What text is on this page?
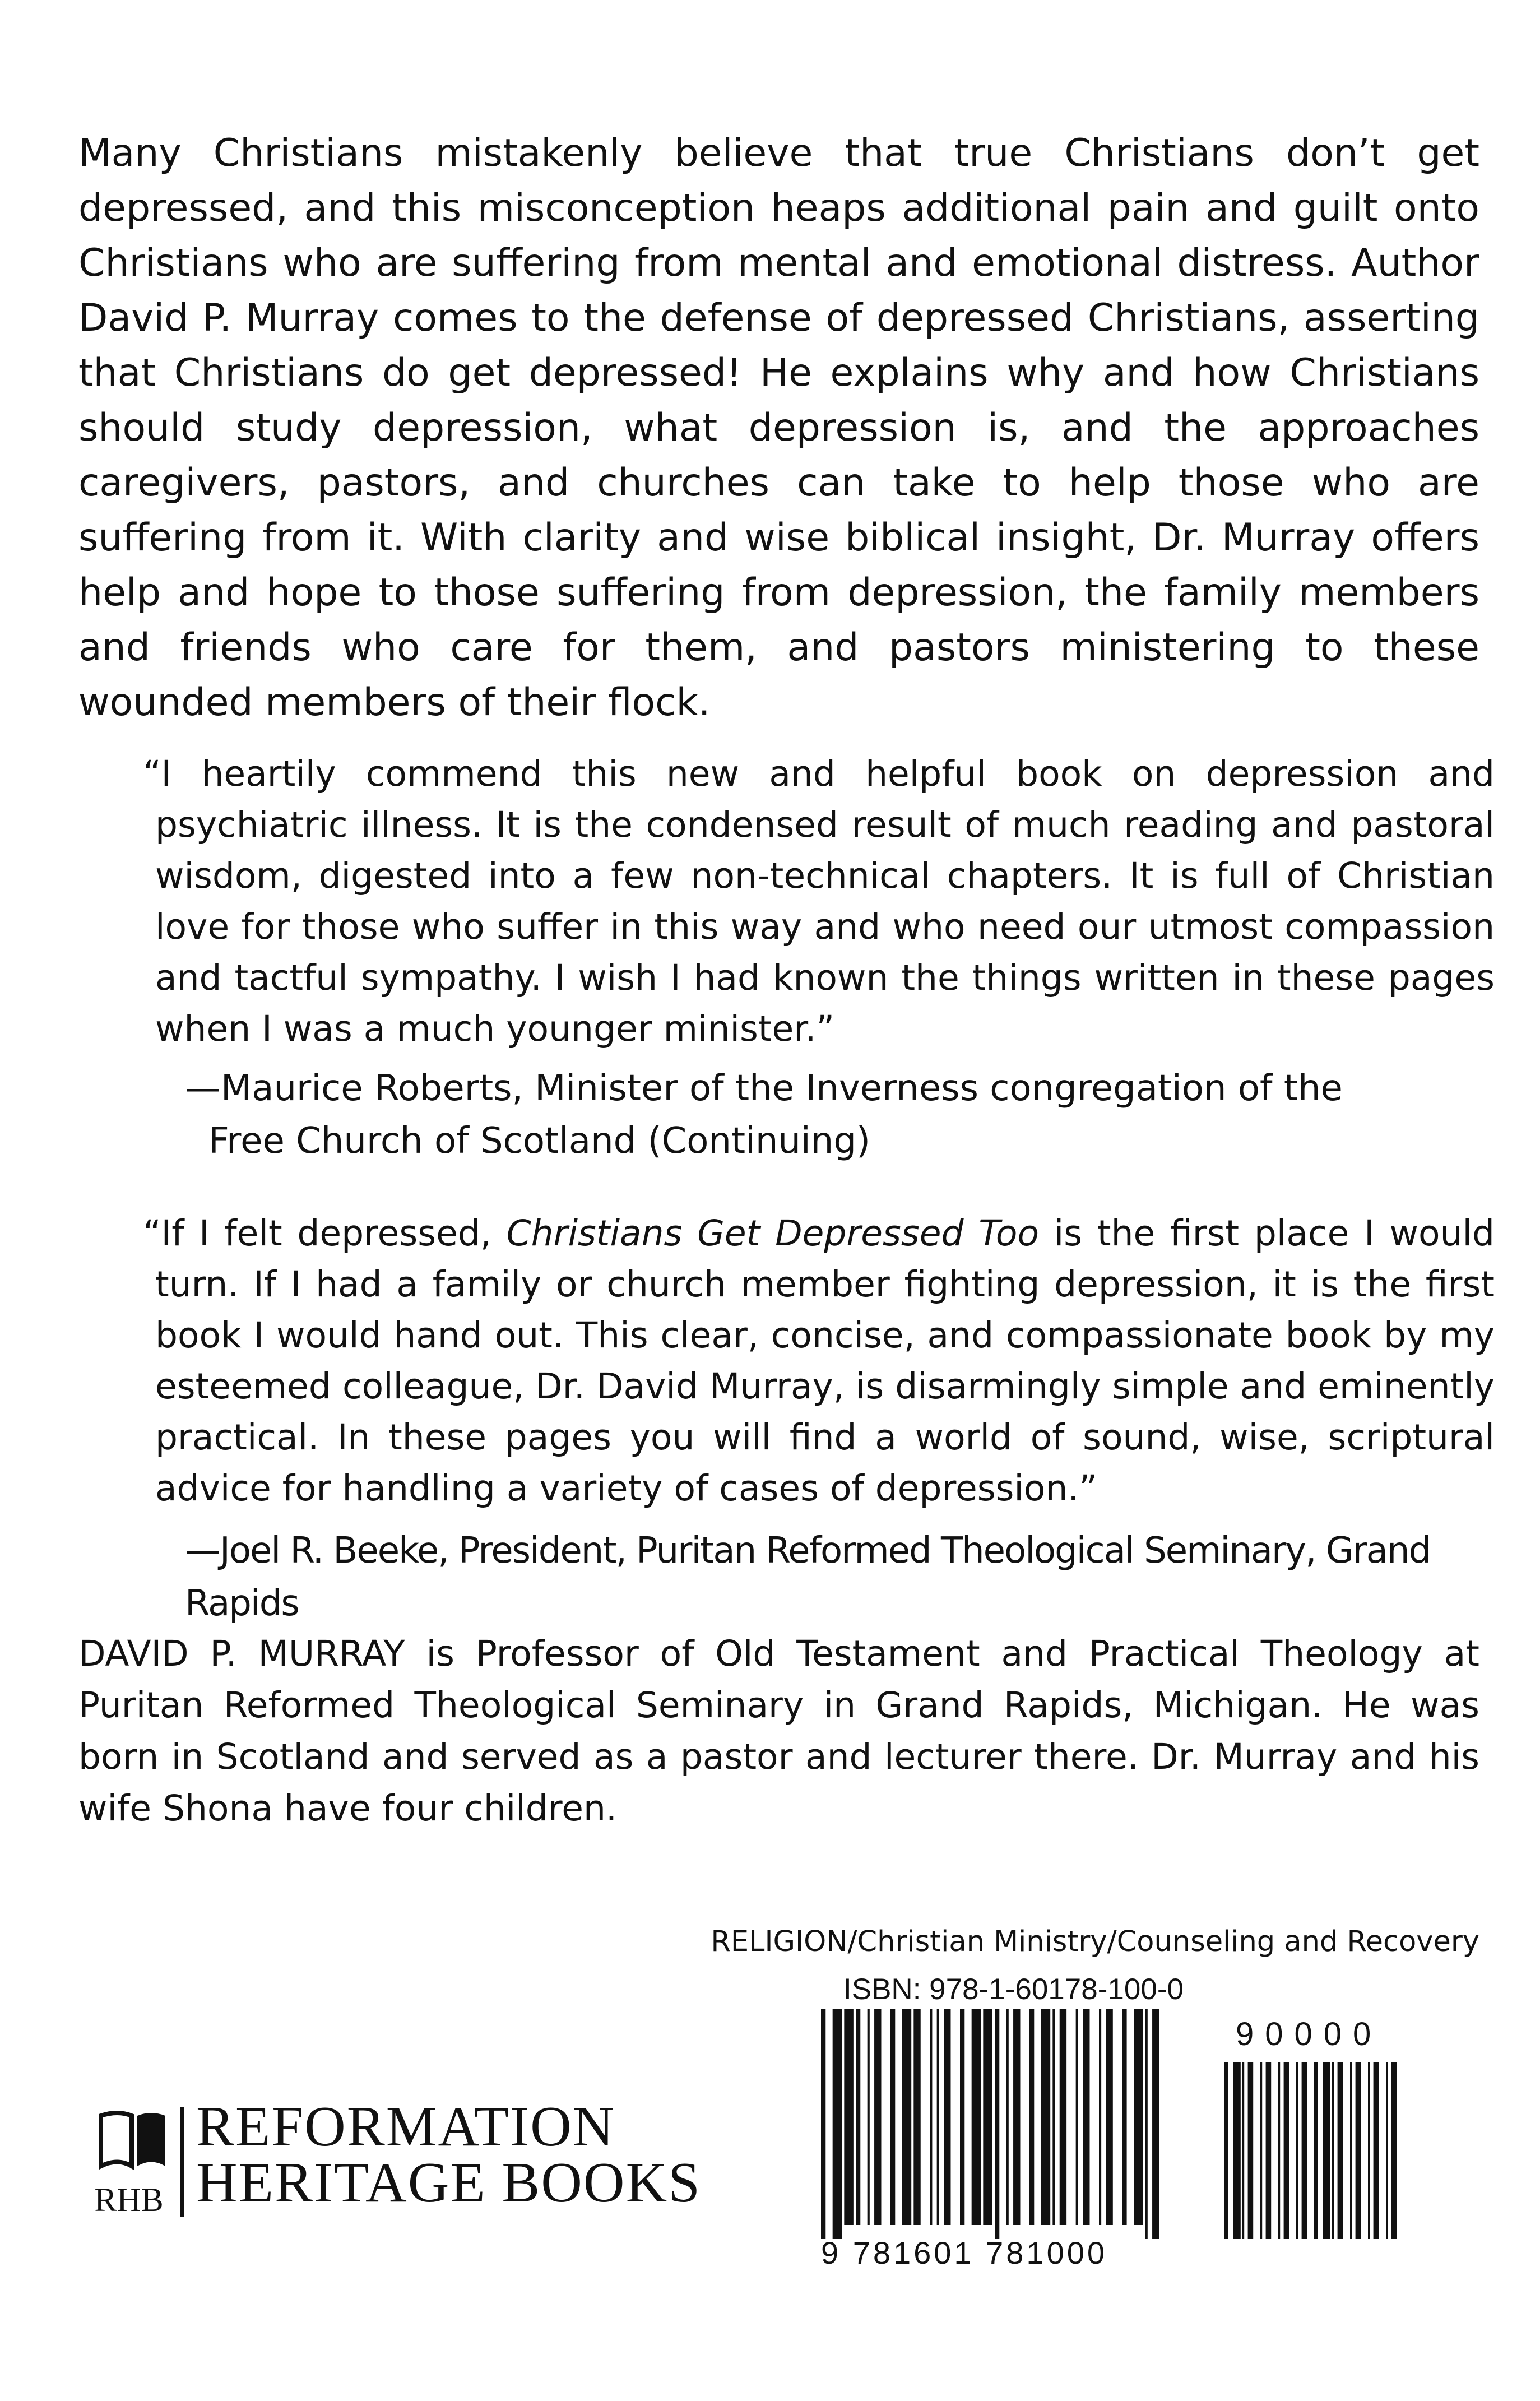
Many Christians mistakenly believe that true Christians don’t get depressed, and this misconception heaps additional pain and guilt onto Christians who are suffering from mental and emotional distress. Author David P. Murray comes to the defense of depressed Christians, asserting that Christians do get depressed! He explains why and how Christians should study depression, what depression is, and the approaches caregivers, pastors, and churches can take to help those who are suffering from it. With clarity and wise biblical insight, Dr. Murray offers help and hope to those suffering from depression, the family members and friends who care for them, and pastors ministering to these wounded members of their flock.
“I heartily commend this new and helpful book on depression and psychiatric illness. It is the condensed result of much reading and pastoral wisdom, digested into a few non-technical chapters. It is full of Christian love for those who suffer in this way and who need our utmost compassion and tactful sympathy. I wish I had known the things written in these pages when I was a much younger minister.”
—Maurice Roberts, Minister of the Inverness congregation of the Free Church of Scotland (Continuing)
“If I felt depressed, Christians Get Depressed Too is the first place I would turn. If I had a family or church member fighting depression, it is the first book I would hand out. This clear, concise, and compassionate book by my esteemed colleague, Dr. David Murray, is disarmingly simple and eminently practical. In these pages you will find a world of sound, wise, scriptural advice for handling a variety of cases of depression.”
—Joel R. Beeke, President, Puritan Reformed Theological Seminary, Grand Rapids
DAVID P. MURRAY is Professor of Old Testament and Practical Theology at Puritan Reformed Theological Seminary in Grand Rapids, Michigan. He was born in Scotland and served as a pastor and lecturer there. Dr. Murray and his wife Shona have four children.
RELIGION/Christian Ministry/Counseling and Recovery
ISBN: 978-1-60178-100-0
90000
9 781601 781000
RHB
REFORMATION
HERITAGE BOOKS
